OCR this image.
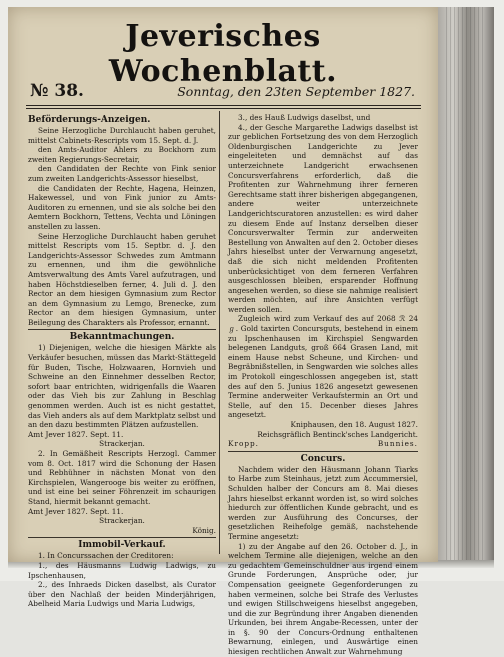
Jeverisches Wochenblatt.
№ 38.	Sonntag, den 23ten September 1827.
Beförderungs-Anzeigen.

Seine Herzogliche Durchlaucht haben geruhet, mittelst Cabinets-Rescripts vom 15. Sept. d. J.

den Amts-Auditor Ahlers zu Bockhorn zum zweiten Regierungs-Secretair,

den Candidaten der Rechte von Fink senior zum zweiten Landgerichts-Assessor hieselbst,

die Candidaten der Rechte, Hagena, Heinzen, Hakewessel, und von Fink junior zu Amts-Auditoren zu ernennen, und sie als solche bei den Aemtern Bockhorn, Tettens, Vechta und Löningen anstellen zu lassen.

Seine Herzogliche Durchlaucht haben geruhet mittelst Rescripts vom 15. Septbr. d. J. den Landgerichts-Assessor Schwedes zum Amtmann zu ernennen, und ihm die gewöhnliche Amtsverwaltung des Amts Varel aufzutragen, und haben Höchstdieselben ferner, 4. Juli d. J. den Rector an dem hiesigen Gymnasium zum Rector an dem Gymnasium zu Lemgo, Brenecke, zum Rector an dem hiesigen Gymnasium, unter Beilegung des Charakters als Professor, ernannt.

Bekanntmachungen.

1) Diejenigen, welche die hiesigen Märkte als Verkäufer besuchen, müssen das Markt-Stättegeld für Buden, Tische, Holzwaaren, Hornvieh und Schweine an den Einnehmer desselben Rector, sofort baar entrichten, widrigenfalls die Waaren oder das Vieh bis zur Zahlung in Beschlag genommen werden. Auch ist es nicht gestattet, das Vieh anders als auf dem Marktplatz selbst und an den dazu bestimmten Plätzen aufzustellen.

Amt Jever 1827. Sept. 11.

Strackerjan.

2. In Gemäßheit Rescripts Herzogl. Cammer vom 8. Oct. 1817 wird die Schonung der Hasen und Rebhühner in nächsten Monat von den Kirchspielen, Wangerooge bis weiter zu eröffnen, und ist eine bei seiner Föhrenzeit im schaurigen Stand, hiermit bekannt gemacht.

Amt Jever 1827. Sept. 11.

Strackerjan.

König.

Immobil-Verkauf.

1. In Concurssachen der Creditoren:

1., des Häusmanns Ludwig Ladwigs, zu Ipschenhausen,

2., des Inhraeds Dicken daselbst, als Curator über den Nachlaß der beiden Minderjährigen, Abelheid Maria Ludwigs und Maria Ludwigs,

3., des Hauß Ludwigs daselbst, und

4., der Gesche Margarethe Ladwigs daselbst ist zur geblichen Fortsetzung des von dem Herzoglich Oldenburgischen Landgerichte zu Jever eingeleiteten und demnächst auf das unterzeichnete Landgericht erwachsenen Concursverfahrens erforderlich, daß die Profitenten zur Wahrnehmung ihrer ferneren Gerechtsame statt ihrer bisherigen abgegangenen, andere weiter unterzeichnete Landgerichtscuratoren anzustellen: es wird daher zu diesem Ende auf Instanz derselben dieser Concursverwalter Termin zur anderweiten Bestellung von Anwalten auf den 2. October dieses Jahrs hieselbst unter der Verwarnung angesetzt, daß die sich nicht meldenden Profitenten unberücksichtiget von dem ferneren Verfahren ausgeschlossen bleiben, ersparender Hoffnung angesehen werden, so diese sie nahmige realisiert werden möchten, auf ihre Ansichten verfügt werden sollen.

Zugleich wird zum Verkauf des auf 2068 ℛ 24 ℊ. Gold taxirten Concursguts, bestehend in einem zu Ipschenhausen im Kirchspiel Sengwarden belegenen Landguts, groß 664 Grasen Land, mit einem Hause nebst Scheune, und Kirchen- und Begräbnißstellen, in Sengwarden wie solches alles im Protokoll eingeschlossen angegeben ist, statt des auf den 5. Junius 1826 angesetzt gewesenen Termine anderweiter Verkaufstermin an Ort und Stelle, auf den 15. Decenber dieses Jahres angesetzt.

Kniphausen, den 18. August 1827.

Reichsgräflich Bentinck'sches Landgericht.

Kropp.	Bunnies.
Concurs.

Nachdem wider den Häusmann Johann Tiarks to Harbe zum Steinhaus, jetzt zum Accummersiel, Schulden halber der Concurs am 8. Mai dieses Jahrs hieselbst erkannt worden ist, so wird solches hiedurch zur öffentlichen Kunde gebracht, und es werden zur Ausführung des Concurses, der gesetzlichen Reihefolge gemäß, nachstehende Termine angesetzt:

1) zu der Angabe auf den 26. October d. J., in welchem Termine alle diejenigen, welche an den zu gedachtem Gemeinschuldner aus irgend einem Grunde Forderungen, Ansprüche oder, jur Compensation geeignete Gegenforderungen zu haben vermeinen, solche bei Strafe des Verlustes und ewigen Stillschweigens hieselbst angegeben, und die zur Begründung ihrer Angaben dienenden Urkunden, bei ihrem Angabe-Recessen, unter der in §. 90 der Concurs-Ordnung enthaltenen Bewarnung, einlegen, und Auswärtige einen hiesigen rechtlichen Anwalt zur Wahrnehmung
